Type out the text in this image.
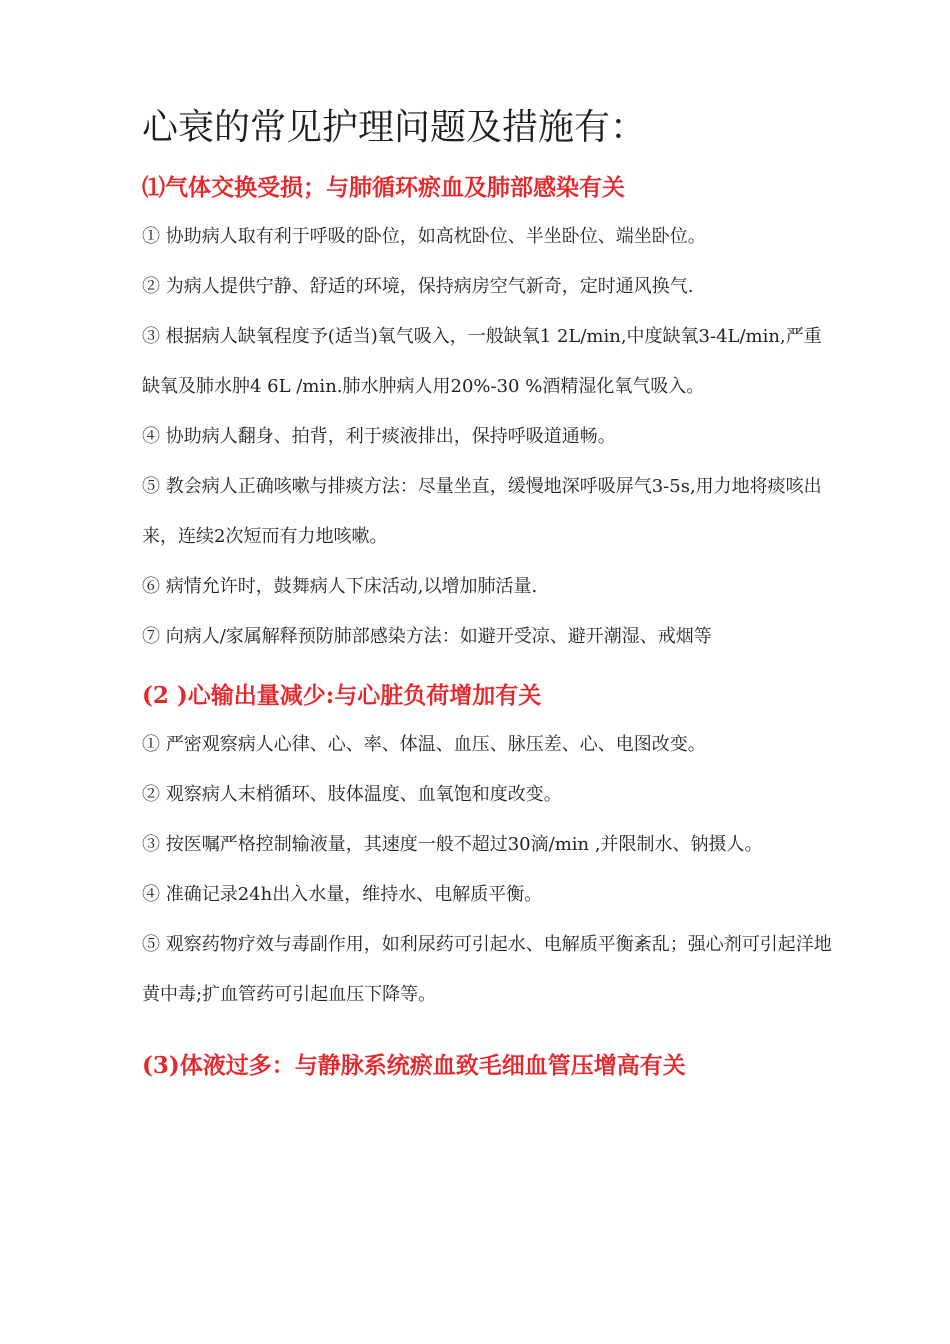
心衰的常见护理问题及措施有：
⑴气体交换受损；与肺循环瘀血及肺部感染有关

① 协助病人取有利于呼吸的卧位，如高枕卧位、半坐卧位、端坐卧位。

② 为病人提供宁静、舒适的环境，保持病房空气新奇，定时通风换气.

③ 根据病人缺氧程度予(适当)氧气吸入，一般缺氧1 2L/min,中度缺氧3-4L/min,严重缺氧及肺水肿4 6L /min.肺水肿病人用20%-30 %酒精湿化氧气吸入。

④ 协助病人翻身、拍背，利于痰液排出，保持呼吸道通畅。

⑤ 教会病人正确咳嗽与排痰方法：尽量坐直，缓慢地深呼吸屏气3-5s,用力地将痰咳出来，连续2次短而有力地咳嗽。

⑥ 病情允许时，鼓舞病人下床活动,以增加肺活量.

⑦ 向病人/家属解释预防肺部感染方法：如避开受凉、避开潮湿、戒烟等

(2 )心输出量减少:与心脏负荷增加有关

① 严密观察病人心律、心、率、体温、血压、脉压差、心、电图改变。

② 观察病人末梢循环、肢体温度、血氧饱和度改变。

③ 按医嘱严格控制输液量，其速度一般不超过30滴/min ,并限制水、钠摄人。

④ 准确记录24h出入水量，维持水、电解质平衡。

⑤ 观察药物疗效与毒副作用，如利尿药可引起水、电解质平衡紊乱；强心剂可引起洋地黄中毒;扩血管药可引起血压下降等。

(3)体液过多：与静脉系统瘀血致毛细血管压增高有关
